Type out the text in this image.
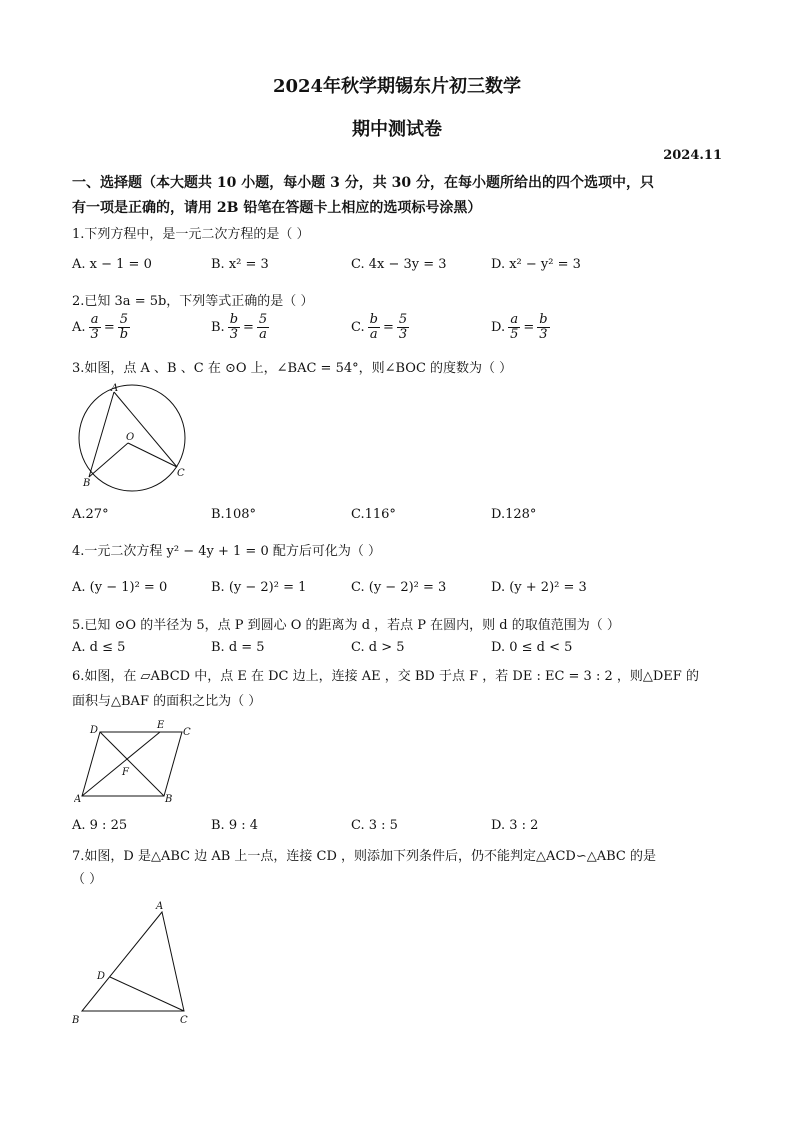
2024年秋学期锡东片初三数学
期中测试卷
2024.11
一、选择题（本大题共 10 小题，每小题 3 分，共 30 分，在每小题所给出的四个选项中，只
有一项是正确的，请用 2B 铅笔在答题卡上相应的选项标号涂黑）
1.下列方程中，是一元二次方程的是（ ）
A. x − 1 = 0	B. x² = 3	C. 4x − 3y = 3	D. x² − y² = 3
2.已知 3a = 5b，下列等式正确的是（ ）
A. $\frac{a}{3} = \frac{5}{b}$	B. $\frac{b}{3} = \frac{5}{a}$	C. $\frac{b}{a} = \frac{5}{3}$	D. $\frac{a}{5} = \frac{b}{3}$
3.如图，点 A 、B 、C 在 ⊙O 上，∠BAC = 54°，则∠BOC 的度数为（ ）
A
B
C
O
A.27°	B.108°	C.116°	D.128°
4.一元二次方程 y² − 4y + 1 = 0 配方后可化为（ ）
A. (y − 1)² = 0	B. (y − 2)² = 1	C. (y − 2)² = 3	D. (y + 2)² = 3
5.已知 ⊙O 的半径为 5，点 P 到圆心 O 的距离为 d ，若点 P 在圆内，则 d 的取值范围为（ ）
A. d ≤ 5	B. d = 5	C. d > 5	D. 0 ≤ d < 5
6.如图，在 ▱ABCD 中，点 E 在 DC 边上，连接 AE ，交 BD 于点 F ，若 DE : EC = 3 : 2 ，则△DEF 的
面积与△BAF 的面积之比为（ ）
D	E
C
F
A	B
A. 9 : 25	B. 9 : 4	C. 3 : 5	D. 3 : 2
7.如图，D 是△ABC 边 AB 上一点，连接 CD ，则添加下列条件后，仍不能判定△ACD∽△ABC 的是
（ ）
A
D
B	C
